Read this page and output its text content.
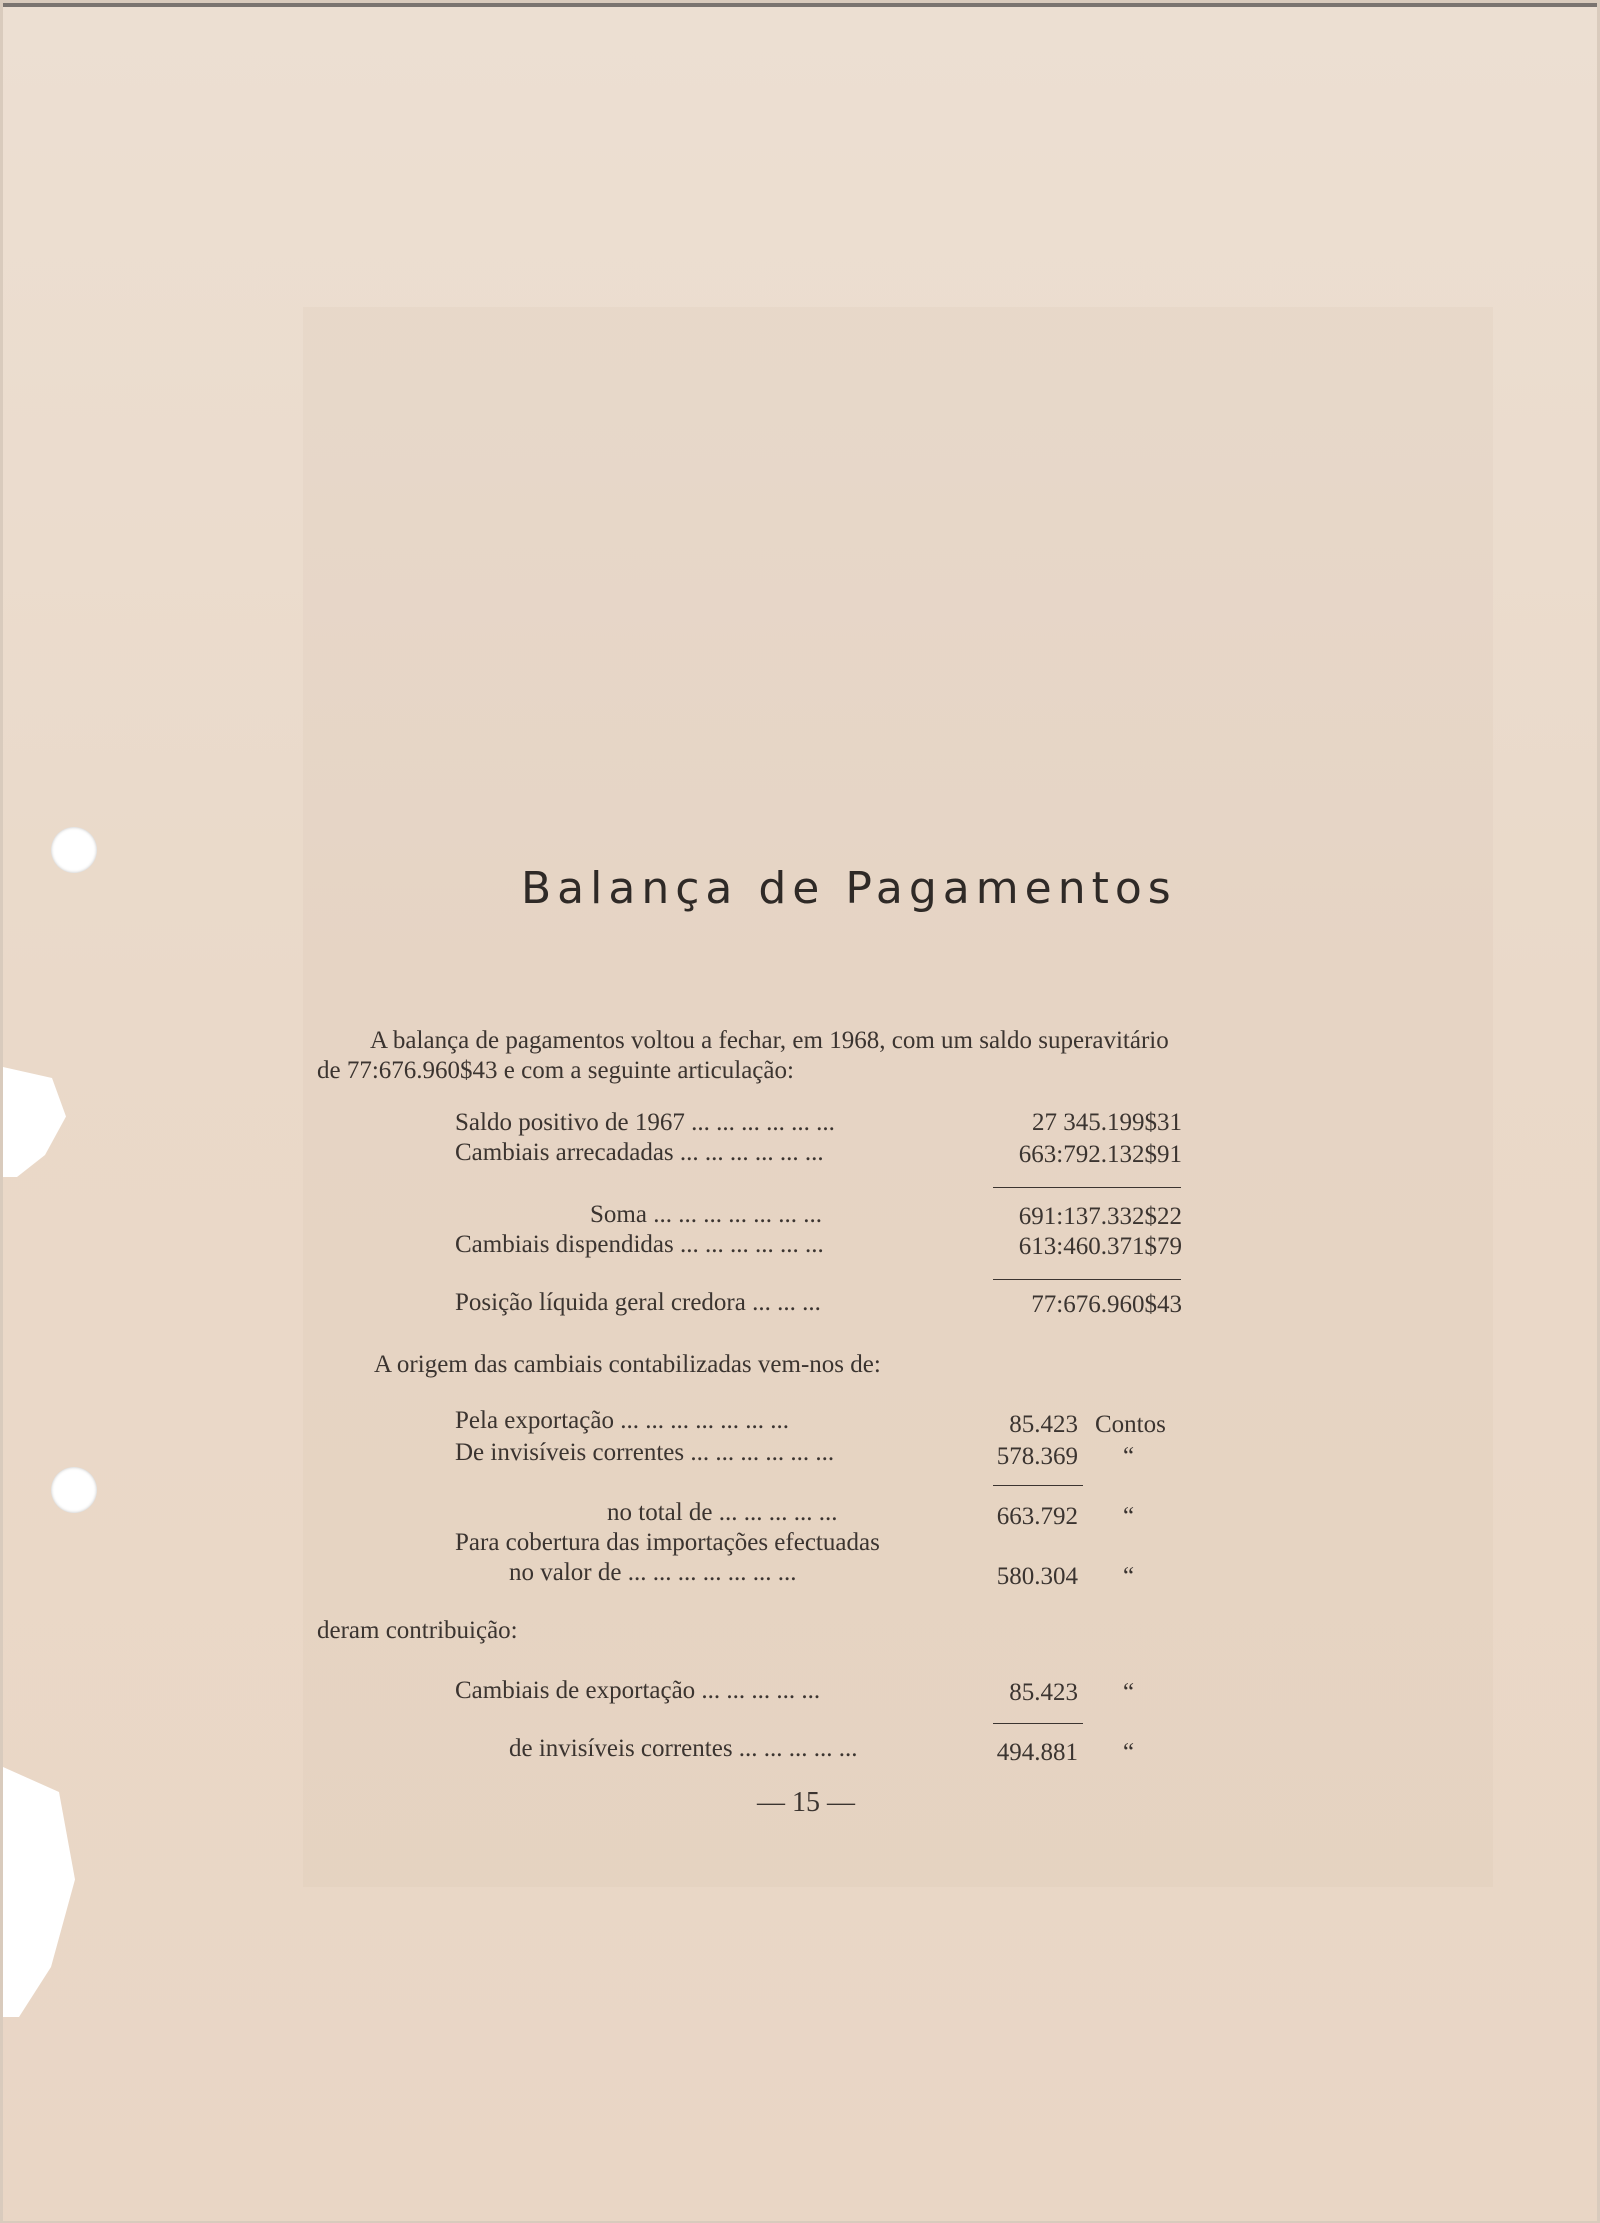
Balança de Pagamentos
A balança de pagamentos voltou a fechar, em 1968, com um saldo superavitário
de 77:676.960$43 e com a seguinte articulação:
Saldo positivo de 1967 ... ... ... ... ... ...	27 345.199$31
Cambiais arrecadadas ... ... ... ... ... ...	663:792.132$91
Soma ... ... ... ... ... ... ...	691:137.332$22
Cambiais dispendidas ... ... ... ... ... ...	613:460.371$79
Posição líquida geral credora ... ... ...	77:676.960$43
A origem das cambiais contabilizadas vem-nos de:
Pela exportação ... ... ... ... ... ... ...	85.423 Contos
De invisíveis correntes ... ... ... ... ... ...	578.369 “
no total de ... ... ... ... ...	663.792 “
Para cobertura das importações efectuadas
no valor de ... ... ... ... ... ... ...	580.304 “
deram contribuição:
Cambiais de exportação ... ... ... ... ...	85.423 “
de invisíveis correntes ... ... ... ... ...	494.881 “
— 15 —
